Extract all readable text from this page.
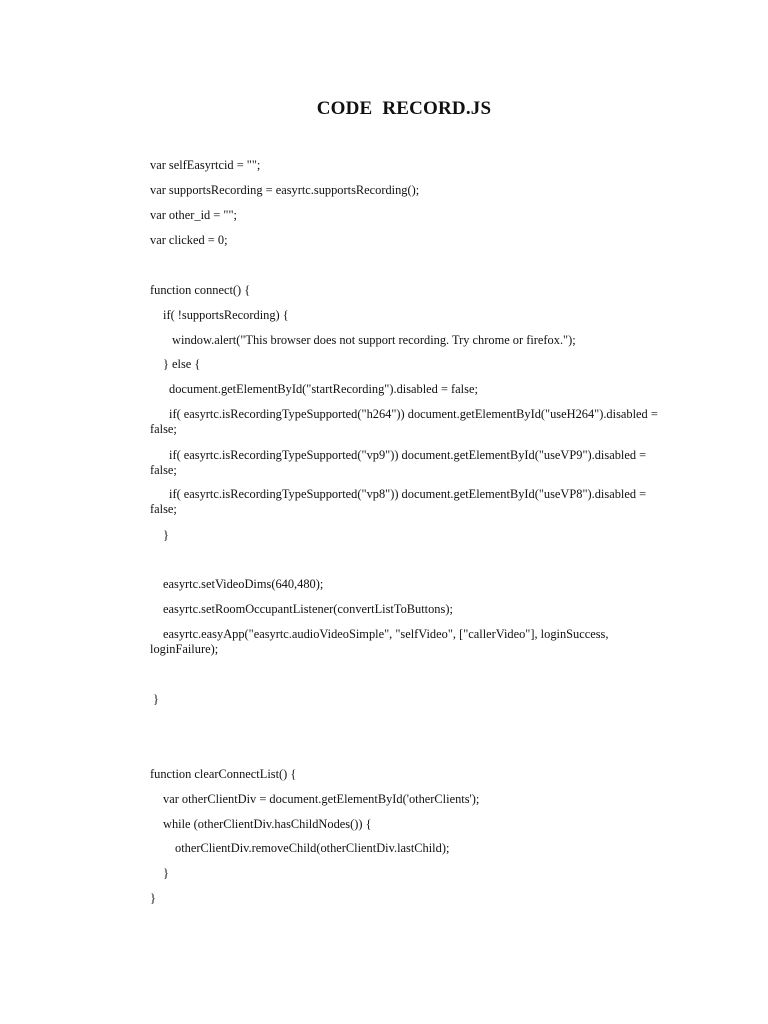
CODE  RECORD.JS
var selfEasyrtcid = "";
var supportsRecording = easyrtc.supportsRecording();
var other_id = "";
var clicked = 0;
function connect() {
if( !supportsRecording) {
window.alert("This browser does not support recording. Try chrome or firefox.");
} else {
document.getElementById("startRecording").disabled = false;
if( easyrtc.isRecordingTypeSupported("h264")) document.getElementById("useH264").disabled = false;
if( easyrtc.isRecordingTypeSupported("vp9")) document.getElementById("useVP9").disabled = false;
if( easyrtc.isRecordingTypeSupported("vp8")) document.getElementById("useVP8").disabled = false;
}
easyrtc.setVideoDims(640,480);
easyrtc.setRoomOccupantListener(convertListToButtons);
easyrtc.easyApp("easyrtc.audioVideoSimple", "selfVideo", ["callerVideo"], loginSuccess, loginFailure);
}
function clearConnectList() {
var otherClientDiv = document.getElementById('otherClients');
while (otherClientDiv.hasChildNodes()) {
otherClientDiv.removeChild(otherClientDiv.lastChild);
}
}
